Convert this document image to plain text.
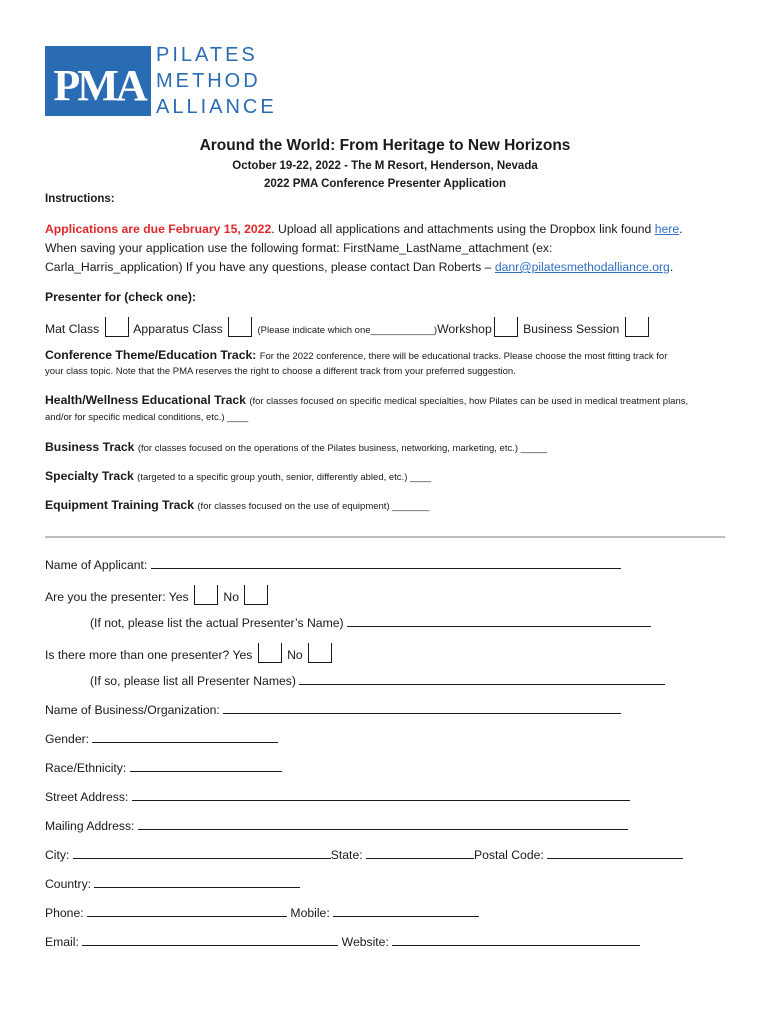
PMA
PILATES
METHOD
ALLIANCE
Around the World: From Heritage to New Horizons
October 19-22, 2022 - The M Resort, Henderson, Nevada
2022 PMA Conference Presenter Application
Instructions:
Applications are due February 15, 2022. Upload all applications and attachments using the Dropbox link found here.
When saving your application use the following format: FirstName_LastName_attachment (ex:
Carla_Harris_application) If you have any questions, please contact Dan Roberts – danr@pilatesmethodalliance.org.
Presenter for (check one):
Mat Class	Apparatus Class	(Please indicate which one____________)Workshop	Business Session
Conference Theme/Education Track: For the 2022 conference, there will be educational tracks. Please choose the most fitting track for
your class topic. Note that the PMA reserves the right to choose a different track from your preferred suggestion.
Health/Wellness Educational Track (for classes focused on specific medical specialties, how Pilates can be used in medical treatment plans,
and/or for specific medical conditions, etc.) ____
Business Track (for classes focused on the operations of the Pilates business, networking, marketing, etc.) _____
Specialty Track (targeted to a specific group youth, senior, differently abled, etc.) ____
Equipment Training Track (for classes focused on the use of equipment) _______
Name of Applicant:
Are you the presenter: Yes	No
(If not, please list the actual Presenter’s Name)
Is there more than one presenter? Yes	No
(If so, please list all Presenter Names)
Name of Business/Organization:
Gender:
Race/Ethnicity:
Street Address:
Mailing Address:
City:	State:	Postal Code:
Country:
Phone:	Mobile:
Email:	Website:
